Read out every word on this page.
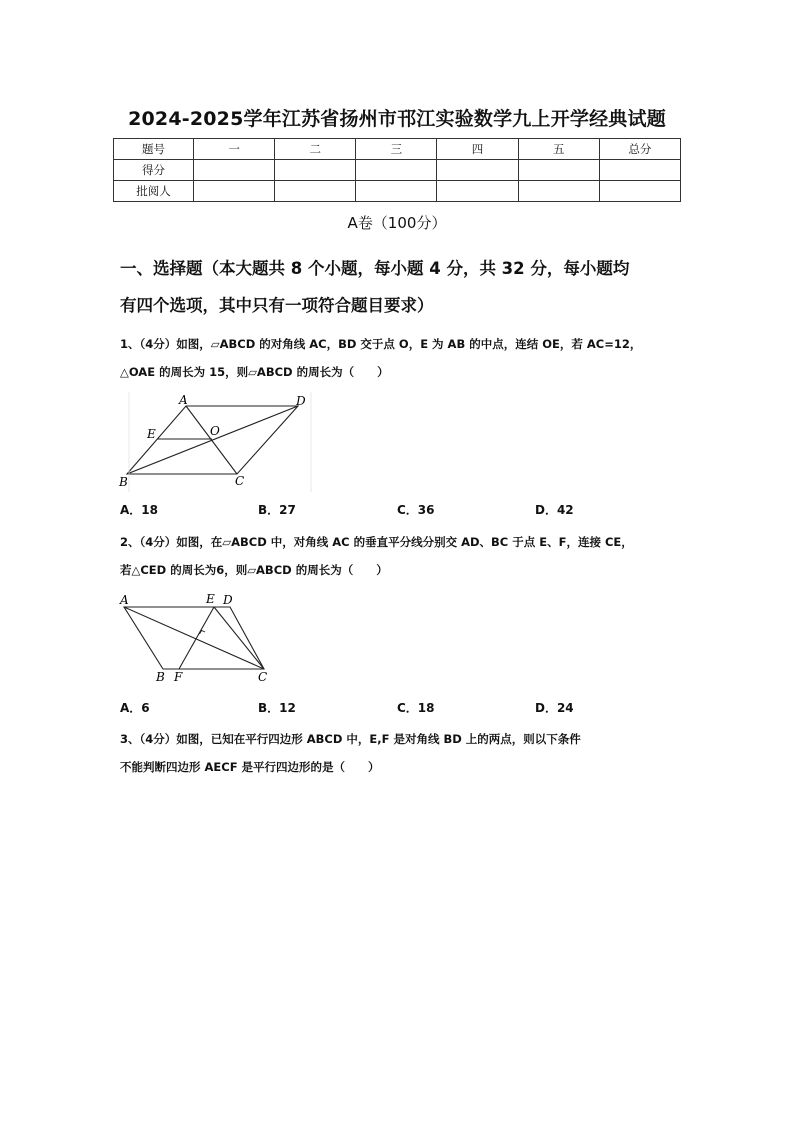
2024-2025学年江苏省扬州市邗江实验数学九上开学经典试题
题号	一	二	三	四	五	总分
得分						
批阅人						
A卷（100分）
一、选择题（本大题共 8 个小题，每小题 4 分，共 32 分，每小题均
有四个选项，其中只有一项符合题目要求）
1、（4分）如图，▱ABCD 的对角线 AC，BD 交于点 O，E 为 AB 的中点，连结 OE，若 AC=12，
△OAE 的周长为 15，则▱ABCD 的周长为（　　）
A	D
E	O
B	C
A．18	B．27	C．36	D．42
2、（4分）如图，在▱ABCD 中，对角线 AC 的垂直平分线分别交 AD、BC 于点 E、F，连接 CE，
若△CED 的周长为6，则▱ABCD 的周长为（　　）
A	E D
B F	C
A．6	B．12	C．18	D．24
3、（4分）如图，已知在平行四边形 ABCD 中，E,F 是对角线 BD 上的两点，则以下条件
不能判断四边形 AECF 是平行四边形的是（　　）
